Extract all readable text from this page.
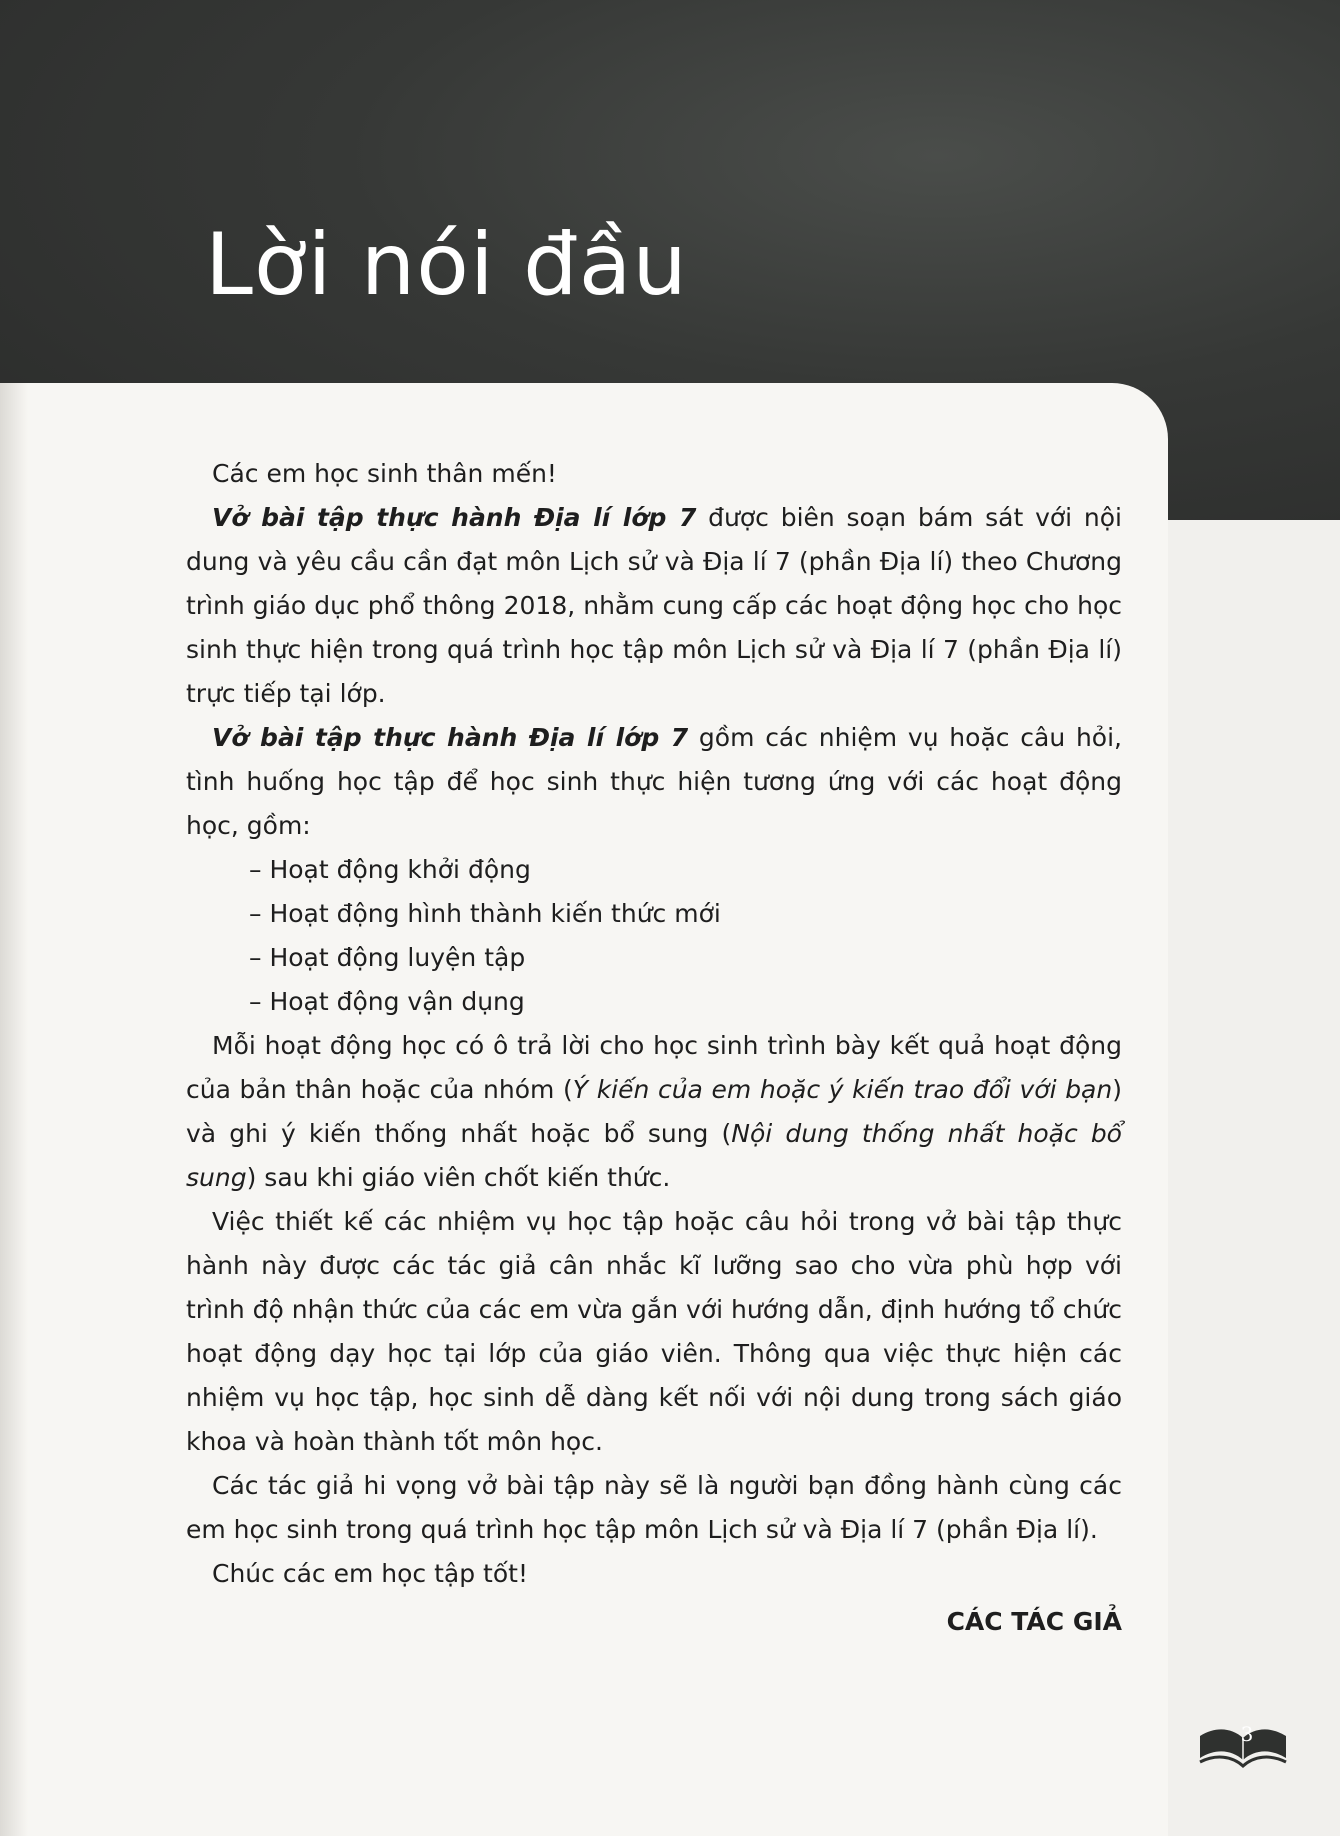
Lời nói đầu

Các em học sinh thân mến!

Vở bài tập thực hành Địa lí lớp 7 được biên soạn bám sát với nội dung và yêu cầu cần đạt môn Lịch sử và Địa lí 7 (phần Địa lí) theo Chương trình giáo dục phổ thông 2018, nhằm cung cấp các hoạt động học cho học sinh thực hiện trong quá trình học tập môn Lịch sử và Địa lí 7 (phần Địa lí) trực tiếp tại lớp.

Vở bài tập thực hành Địa lí lớp 7 gồm các nhiệm vụ hoặc câu hỏi, tình huống học tập để học sinh thực hiện tương ứng với các hoạt động học, gồm:

– Hoạt động khởi động
– Hoạt động hình thành kiến thức mới
– Hoạt động luyện tập
– Hoạt động vận dụng

Mỗi hoạt động học có ô trả lời cho học sinh trình bày kết quả hoạt động của bản thân hoặc của nhóm (Ý kiến của em hoặc ý kiến trao đổi với bạn) và ghi ý kiến thống nhất hoặc bổ sung (Nội dung thống nhất hoặc bổ sung) sau khi giáo viên chốt kiến thức.

Việc thiết kế các nhiệm vụ học tập hoặc câu hỏi trong vở bài tập thực hành này được các tác giả cân nhắc kĩ lưỡng sao cho vừa phù hợp với trình độ nhận thức của các em vừa gắn với hướng dẫn, định hướng tổ chức hoạt động dạy học tại lớp của giáo viên. Thông qua việc thực hiện các nhiệm vụ học tập, học sinh dễ dàng kết nối với nội dung trong sách giáo khoa và hoàn thành tốt môn học.

Các tác giả hi vọng vở bài tập này sẽ là người bạn đồng hành cùng các em học sinh trong quá trình học tập môn Lịch sử và Địa lí 7 (phần Địa lí).

Chúc các em học tập tốt!

CÁC TÁC GIẢ

3
